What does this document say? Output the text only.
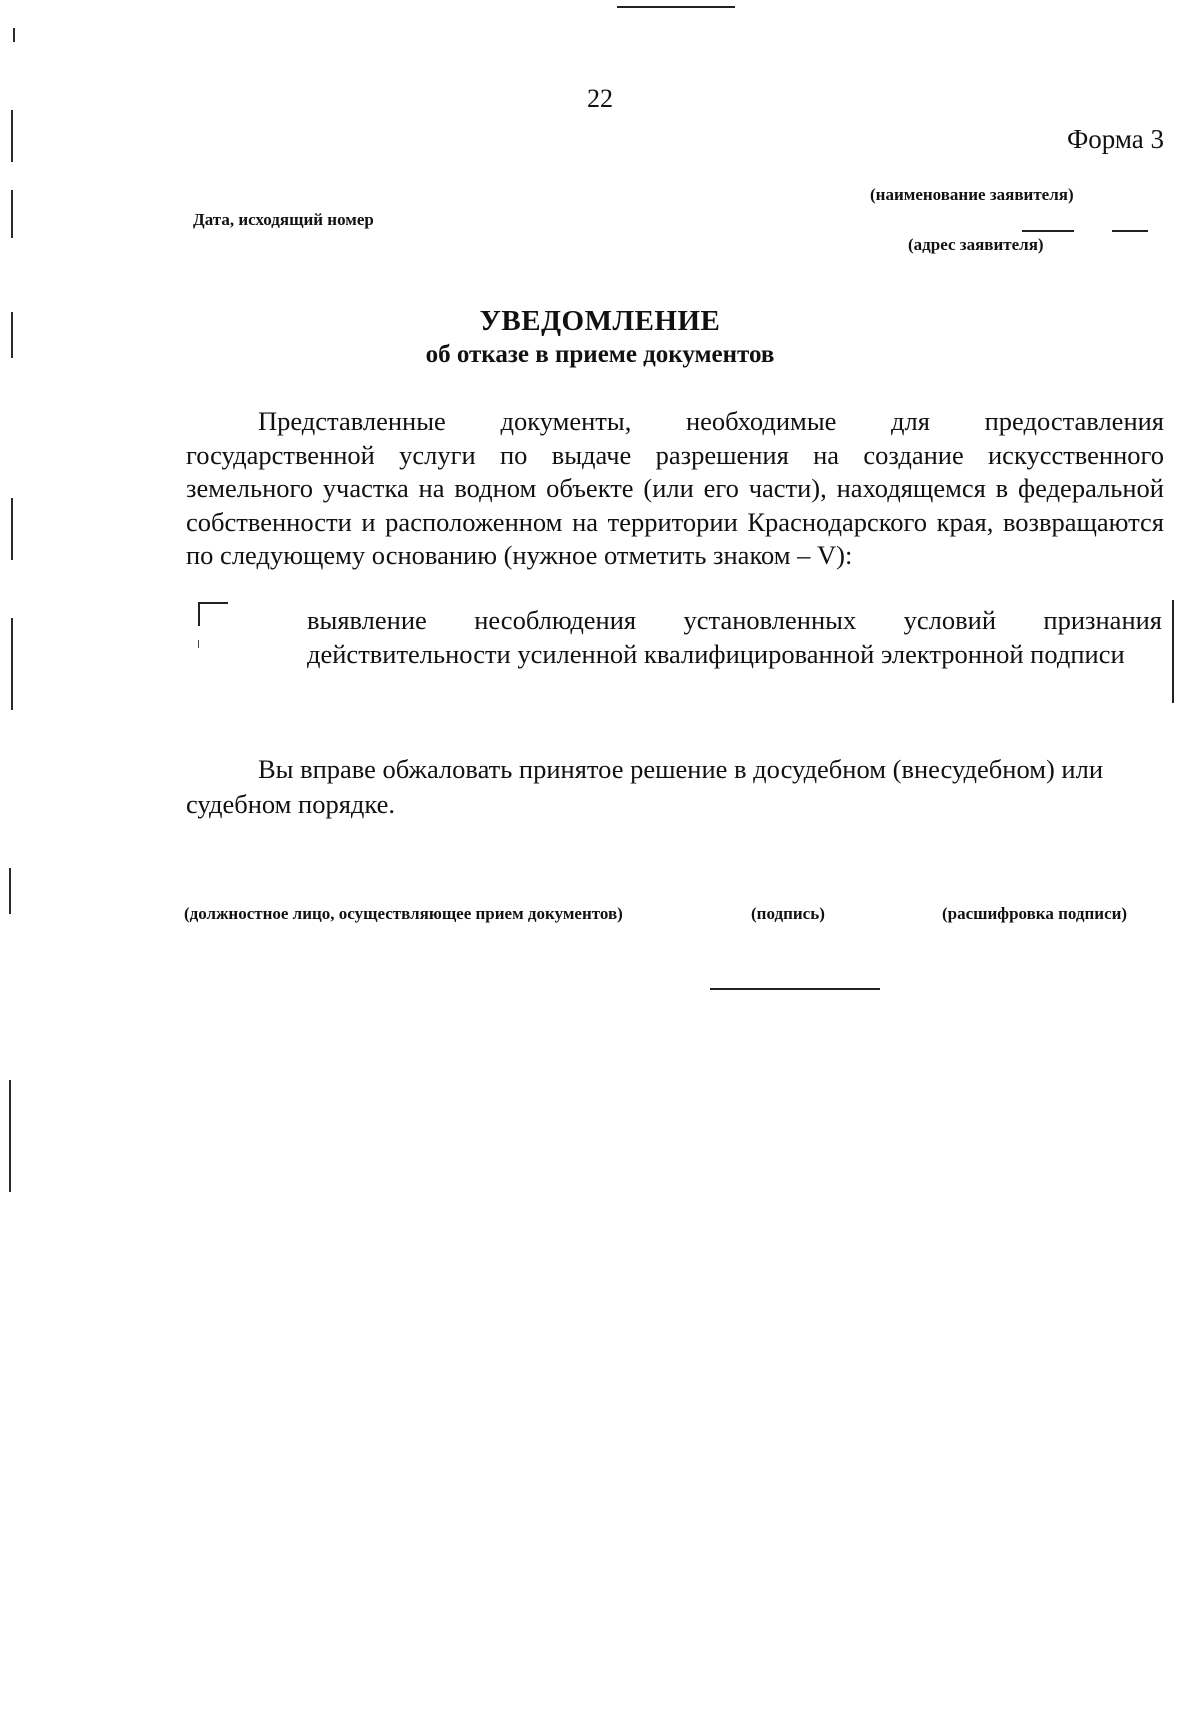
22
Форма 3
(наименование заявителя)
Дата, исходящий номер
(адрес заявителя)
УВЕДОМЛЕНИЕ
об отказе в приеме документов
Представленные документы, необходимые для предоставления государственной услуги по выдаче разрешения на создание искусственного земельного участка на водном объекте (или его части), находящемся в федеральной собственности и расположенном на территории Краснодарского края, возвращаются по следующему основанию (нужное отметить знаком – V):
выявление несоблюдения установленных условий признания действительности усиленной квалифицированной электронной подписи
Вы вправе обжаловать принятое решение в досудебном (внесудебном) или судебном порядке.
(должностное лицо, осуществляющее прием документов)	(подпись)	(расшифровка подписи)
